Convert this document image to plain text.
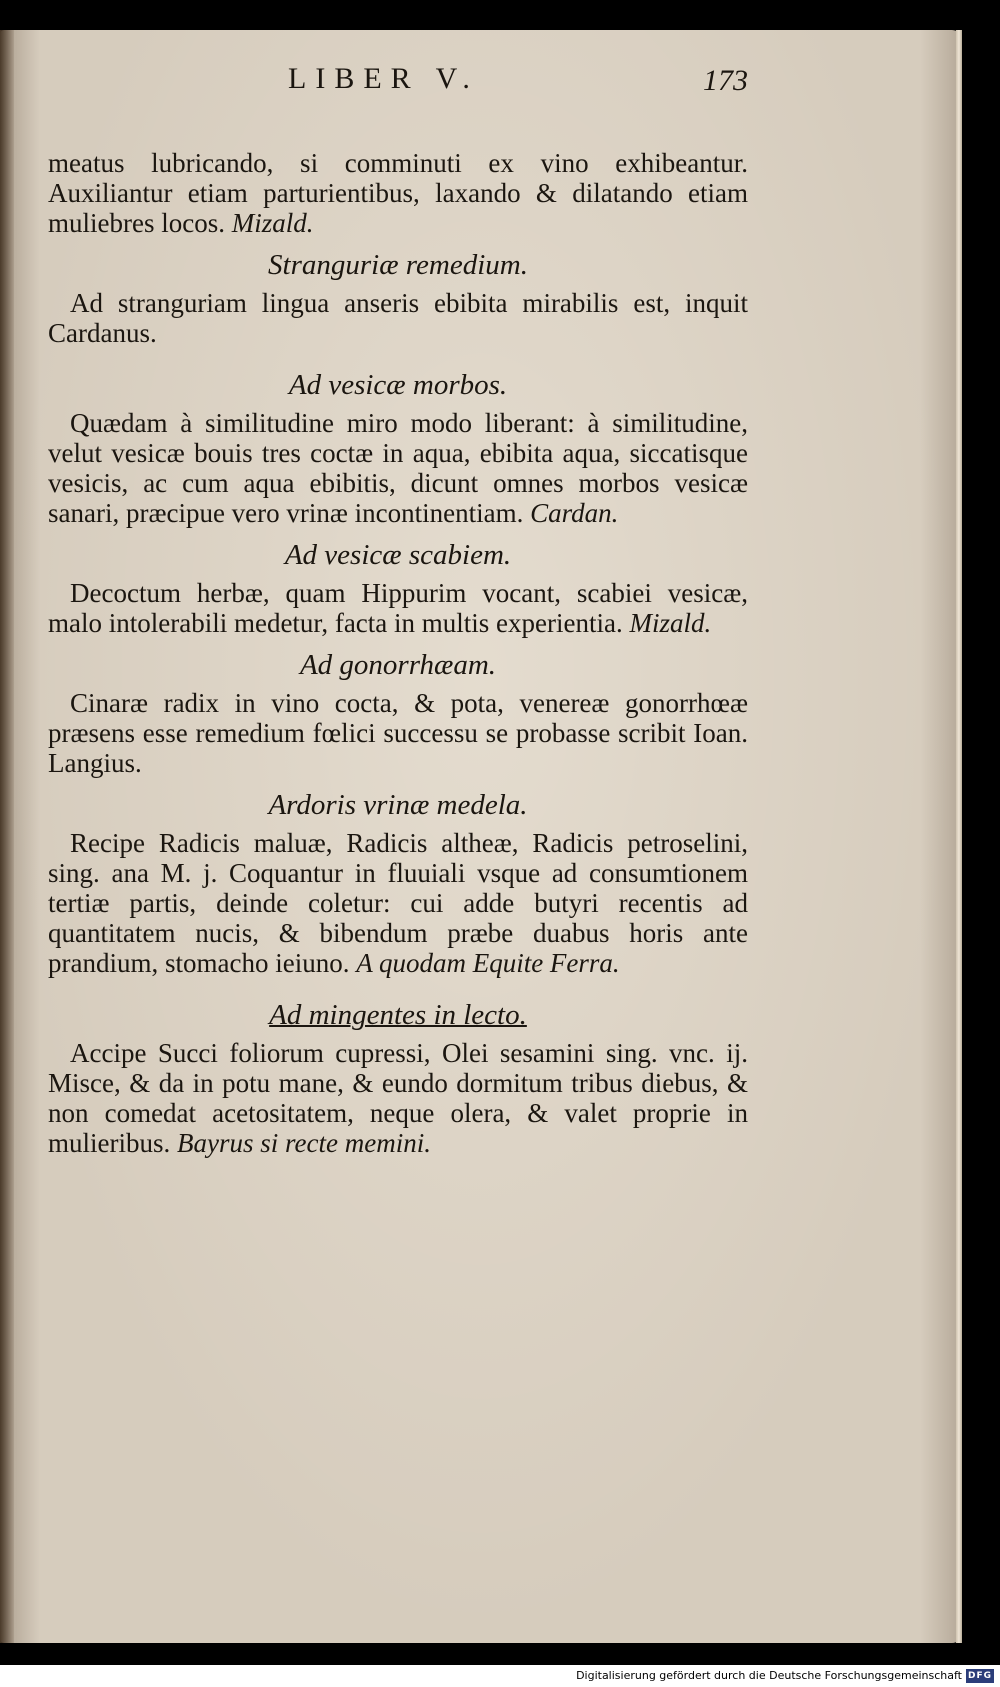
LIBER V.	173

meatus lubricando, si comminuti ex vino exhibeantur. Auxiliantur etiam parturientibus, laxando & dilatando etiam muliebres locos. Mizald.

Stranguriæ remedium.

Ad stranguriam lingua anseris ebibita mirabilis est, inquit Cardanus.

Ad vesicæ morbos.

Quædam à similitudine miro modo liberant: à similitudine, velut vesicæ bouis tres coctæ in aqua, ebibita aqua, siccatisque vesicis, ac cum aqua ebibitis, dicunt omnes morbos vesicæ sanari, præcipue vero vrinæ incontinentiam. Cardan.

Ad vesicæ scabiem.

Decoctum herbæ, quam Hippurim vocant, scabiei vesicæ, malo intolerabili medetur, facta in multis experientia. Mizald.

Ad gonorrhæam.

Cinaræ radix in vino cocta, & pota, venereæ gonorrhœæ præsens esse remedium fœlici successu se probasse scribit Ioan. Langius.

Ardoris vrinæ medela.

Recipe Radicis maluæ, Radicis altheæ, Radicis petroselini, sing. ana M. j. Coquantur in fluuiali vsque ad consumtionem tertiæ partis, deinde coletur: cui adde butyri recentis ad quantitatem nucis, & bibendum præbe duabus horis ante prandium, stomacho ieiuno. A quodam Equite Ferra.

Ad mingentes in lecto.

Accipe Succi foliorum cupressi, Olei sesamini sing. vnc. ij. Misce, & da in potu mane, & eundo dormitum tribus diebus, & non comedat acetositatem, neque olera, & valet proprie in mulieribus. Bayrus si recte memini.

Digitalisierung gefördert durch die Deutsche Forschungsgemeinschaft DFG
